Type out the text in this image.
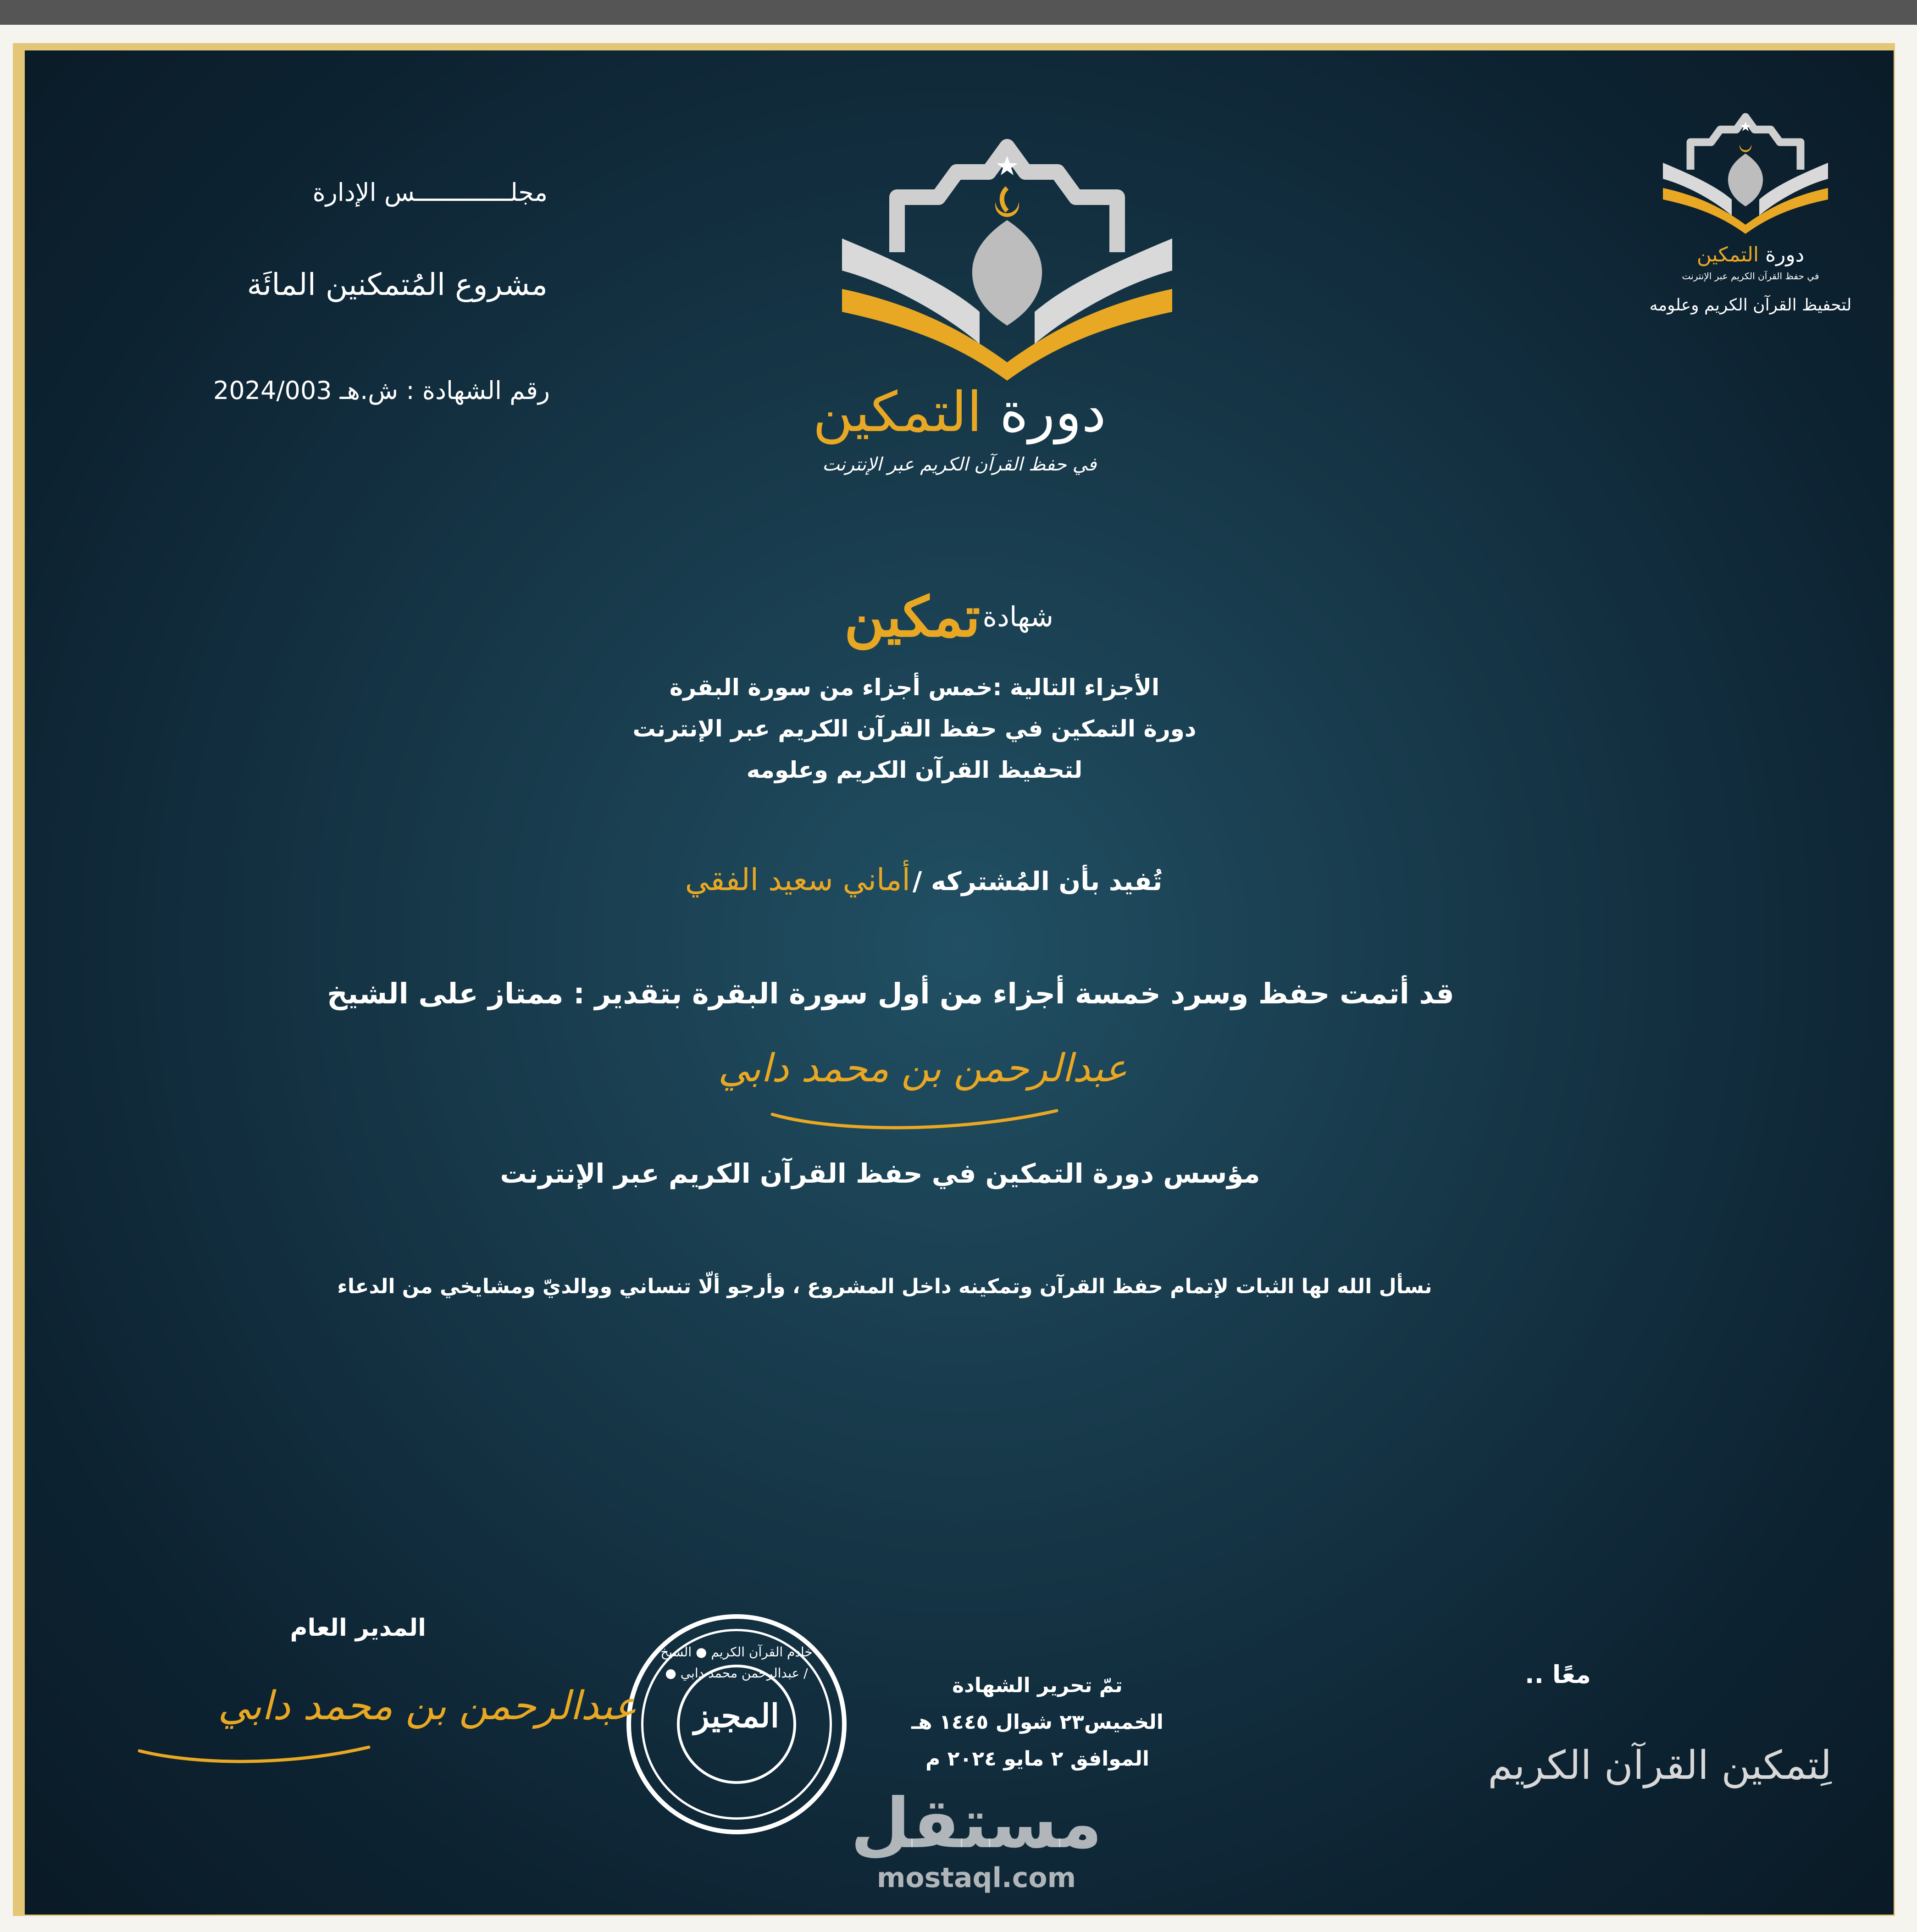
مجلـــــــــــــس الإدارة
مشروع المُتمكنين المائَة
رقم الشهادة : ش.هـ 2024/003	دورة التمكين
في حفظ القرآن الكريم عبر الإنترنت
دورة التمكين
في حفظ القرآن الكريم عبر الإنترنت
لتحفيظ القرآن الكريم وعلومه
شهادة تمكين
الأجزاء التالية :خمس أجزاء من سورة البقرة
دورة التمكين في حفظ القرآن الكريم عبر الإنترنت
لتحفيظ القرآن الكريم وعلومه
تُفيد بأن المُشتركه / أماني سعيد الفقي
قد أتمت حفظ وسرد خمسة أجزاء من أول سورة البقرة بتقدير : ممتاز على الشيخ
عبدالرحمن بن محمد دابي
مؤسس دورة التمكين في حفظ القرآن الكريم عبر الإنترنت
نسأل الله لها الثبات لإتمام حفظ القرآن وتمكينه داخل المشروع ، وأرجو ألّا تنساني ووالديّ ومشايخي من الدعاء
معًا ..
لِتمكين القرآن الكريم
تمّ تحرير الشهادة
الخميس٢٣ شوال ١٤٤٥ هـ
الموافق ٢ مايو ٢٠٢٤ م
خادم القرآن الكريم ● الشيخ / عبدالرحمن محمد دابي ●
المجيز
المدير العام
عبدالرحمن بن محمد دابي
مستقل
mostaql.com
